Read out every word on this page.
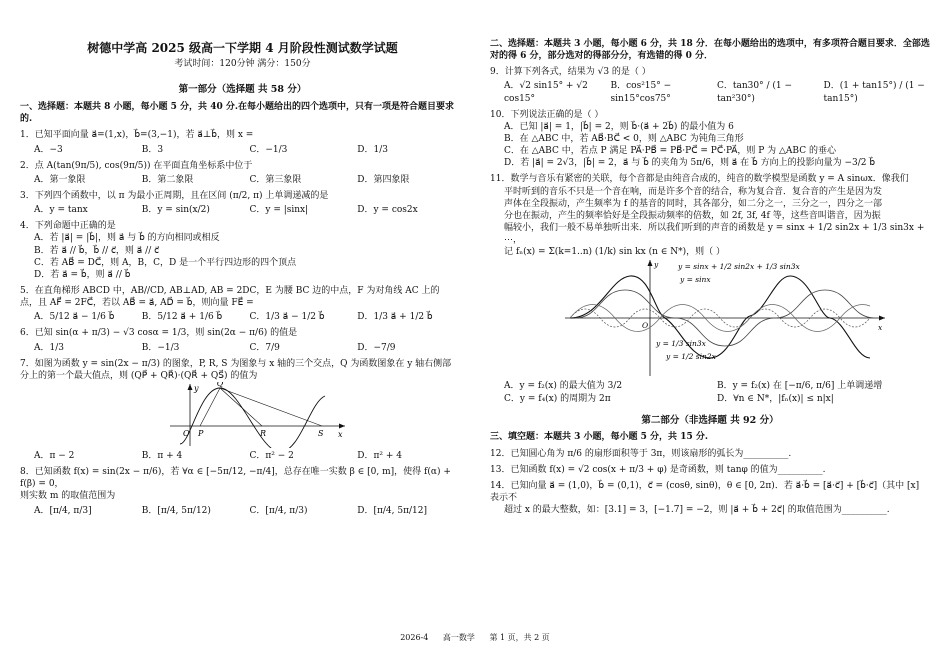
树德中学高 2025 级高一下学期 4 月阶段性测试数学试题
考试时间：120分钟 满分：150分
第一部分（选择题 共 58 分）
一、选择题：本题共 8 小题，每小题 5 分，共 40 分.在每小题给出的四个选项中，只有一项是符合题目要求的.
1．已知平面向量 a⃗=(1,x)，b⃗=(3,−1)，若 a⃗⊥b⃗，则 x =
A．−3	B．3	C．−1/3	D．1/3
2．点 A(tan(9π/5), cos(9π/5)) 在平面直角坐标系中位于
A．第一象限	B．第二象限	C．第三象限	D．第四象限
3．下列四个函数中，以 π 为最小正周期，且在区间 (π/2, π) 上单调递减的是
A．y = tanx	B．y = sin(x/2)	C．y = |sinx|	D．y = cos2x
4．下列命题中正确的是
A．若 |a⃗| = |b⃗|，则 a⃗ 与 b⃗ 的方向相同或相反
B．若 a⃗ // b⃗，b⃗ // c⃗，则 a⃗ // c⃗
C．若 AB⃗ = DC⃗，则 A，B，C，D 是一个平行四边形的四个顶点
D．若 a⃗ = b⃗，则 a⃗ // b⃗
5．在直角梯形 ABCD 中，AB//CD, AB⊥AD, AB = 2DC，E 为腰 BC 边的中点，F 为对角线 AC 上的
点，且 AF⃗ = 2FC⃗，若以 AB⃗ = a⃗, AD⃗ = b⃗，则向量 FE⃗ =
A．5/12 a⃗ − 1/6 b⃗	B．5/12 a⃗ + 1/6 b⃗	C．1/3 a⃗ − 1/2 b⃗	D．1/3 a⃗ + 1/2 b⃗
6．已知 sin(α + π/3) − √3 cosα = 1/3，则 sin(2α − π/6) 的值是
A．1/3	B．−1/3	C．7/9	D．−7/9
7．如图为函数 y = sin(2x − π/3) 的图象，P, R, S 为图象与 x 轴的三个交点，Q 为函数图象在 y 轴右侧部
分上的第一个最大值点，则 (QP⃗ + QR⃗)·(QR⃗ + QS⃗) 的值为
Q
O P	R	S x
y
A．π − 2	B．π + 4	C．π² − 2	D．π² + 4
8．已知函数 f(x) = sin(2x − π/6)，若 ∀α ∈ [−5π/12, −π/4]，总存在唯一实数 β ∈ [0, m]，使得 f(α) + f(β) = 0，
则实数 m 的取值范围为
A．[π/4, π/3]	B．[π/4, 5π/12)	C．[π/4, π/3)	D．[π/4, 5π/12]
二、选择题：本题共 3 小题，每小题 6 分，共 18 分．在每小题给出的选项中，有多项符合题目要求．全部选对的得 6 分，部分选对的得部分分，有选错的得 0 分．
9．计算下列各式，结果为 √3 的是（ ）
A．√2 sin15° + √2 cos15°
B．cos²15° − sin15°cos75°
C．tan30° / (1 − tan²30°)
D．(1 + tan15°) / (1 − tan15°)
10．下列说法正确的是（ ）
A．已知 |a⃗| = 1，|b⃗| = 2，则 b⃗·(a⃗ + 2b⃗) 的最小值为 6
B．在 △ABC 中，若 AB⃗·BC⃗ < 0，则 △ABC 为钝角三角形
C．在 △ABC 中，若点 P 满足 PA⃗·PB⃗ = PB⃗·PC⃗ = PC⃗·PA⃗，则 P 为 △ABC 的垂心
D．若 |a⃗| = 2√3，|b⃗| = 2，a⃗ 与 b⃗ 的夹角为 5π/6，则 a⃗ 在 b⃗ 方向上的投影向量为 −3/2 b⃗
11．数学与音乐有紧密的关联，每个音都是由纯音合成的，纯音的数学模型是函数 y = A sinωx．像我们
平时听到的音乐不只是一个音在响，而是许多个音的结合，称为复合音．复合音的产生是因为发
声体在全段振动，产生频率为 f 的基音的同时，其各部分，如二分之一，三分之一，四分之一部
分也在振动，产生的频率恰好是全段振动频率的倍数，如 2f, 3f, 4f 等，这些音叫谐音，因为振
幅较小，我们一般不易单独听出来．所以我们听到的声音的函数是 y = sinx + 1/2 sin2x + 1/3 sin3x + ⋯，
记 fₙ(x) = Σ(k=1..n) (1/k) sin kx (n ∈ N*)，则（ ）
y = sinx + 1/2 sin2x + 1/3 sin3x
y = sinx
y = 1/3 sin3x
y = 1/2 sin2x
y
x
O
A．y = f₂(x) 的最大值为 3/2	B．y = f₂(x) 在 [−π/6, π/6] 上单调递增
C．y = f₄(x) 的周期为 2π	D．∀n ∈ N*，|fₙ(x)| ≤ n|x|
第二部分（非选择题 共 92 分）
三、填空题：本题共 3 小题，每小题 5 分，共 15 分.
12．已知圆心角为 π/6 的扇形面积等于 3π，则该扇形的弧长为__________.
13．已知函数 f(x) = √2 cos(x + π/3 + φ) 是奇函数，则 tanφ 的值为__________.
14．已知向量 a⃗ = (1,0)，b⃗ = (0,1)，c⃗ = (cosθ, sinθ)，θ ∈ [0, 2π)．若 a⃗·b⃗ = [a⃗·c⃗] + [b⃗·c⃗]（其中 [x] 表示不
超过 x 的最大整数，如：[3.1] = 3，[−1.7] = −2，则 |a⃗ + b⃗ + 2c⃗| 的取值范围为__________.
2026-4 高一数学 第 1 页，共 2 页
